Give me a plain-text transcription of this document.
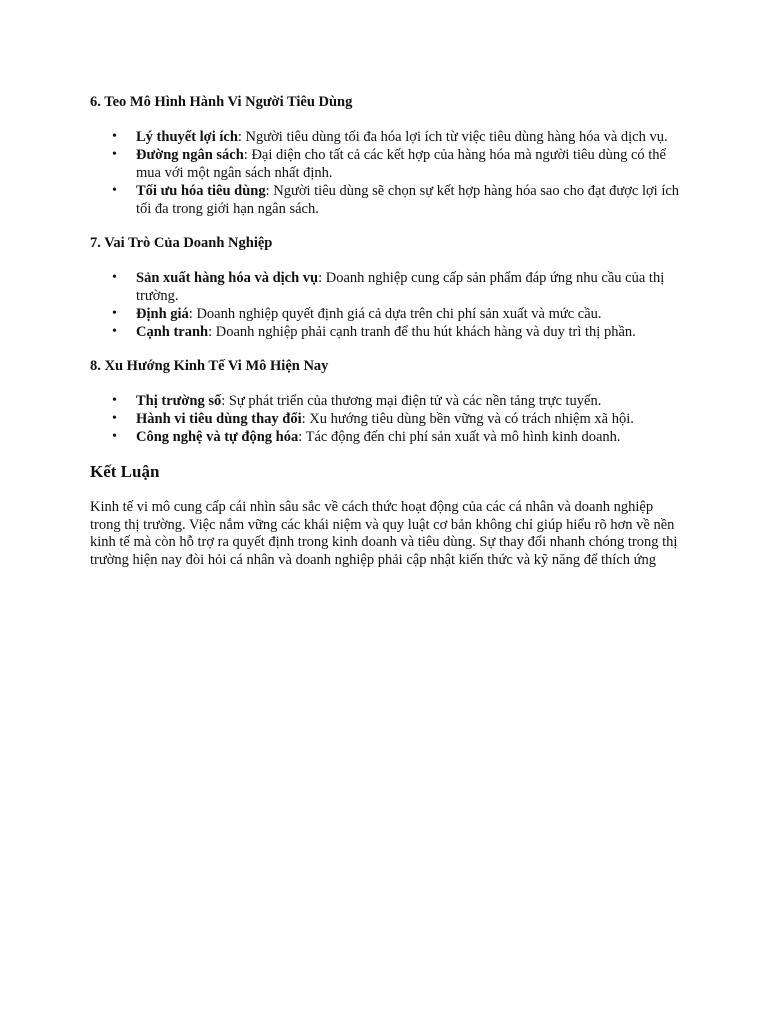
6. Teo Mô Hình Hành Vi Người Tiêu Dùng
• Lý thuyết lợi ích: Người tiêu dùng tối đa hóa lợi ích từ việc tiêu dùng hàng hóa và dịch vụ.
• Đường ngân sách: Đại diện cho tất cả các kết hợp của hàng hóa mà người tiêu dùng có thể mua với một ngân sách nhất định.
• Tối ưu hóa tiêu dùng: Người tiêu dùng sẽ chọn sự kết hợp hàng hóa sao cho đạt được lợi ích tối đa trong giới hạn ngân sách.
7. Vai Trò Của Doanh Nghiệp
• Sản xuất hàng hóa và dịch vụ: Doanh nghiệp cung cấp sản phẩm đáp ứng nhu cầu của thị trường.
• Định giá: Doanh nghiệp quyết định giá cả dựa trên chi phí sản xuất và mức cầu.
• Cạnh tranh: Doanh nghiệp phải cạnh tranh để thu hút khách hàng và duy trì thị phần.
8. Xu Hướng Kinh Tế Vi Mô Hiện Nay
• Thị trường số: Sự phát triển của thương mại điện tử và các nền tảng trực tuyến.
• Hành vi tiêu dùng thay đổi: Xu hướng tiêu dùng bền vững và có trách nhiệm xã hội.
• Công nghệ và tự động hóa: Tác động đến chi phí sản xuất và mô hình kinh doanh.
Kết Luận

Kinh tế vi mô cung cấp cái nhìn sâu sắc về cách thức hoạt động của các cá nhân và doanh nghiệp trong thị trường. Việc nắm vững các khái niệm và quy luật cơ bản không chỉ giúp hiểu rõ hơn về nền kinh tế mà còn hỗ trợ ra quyết định trong kinh doanh và tiêu dùng. Sự thay đổi nhanh chóng trong thị trường hiện nay đòi hỏi cá nhân và doanh nghiệp phải cập nhật kiến thức và kỹ năng để thích ứng
